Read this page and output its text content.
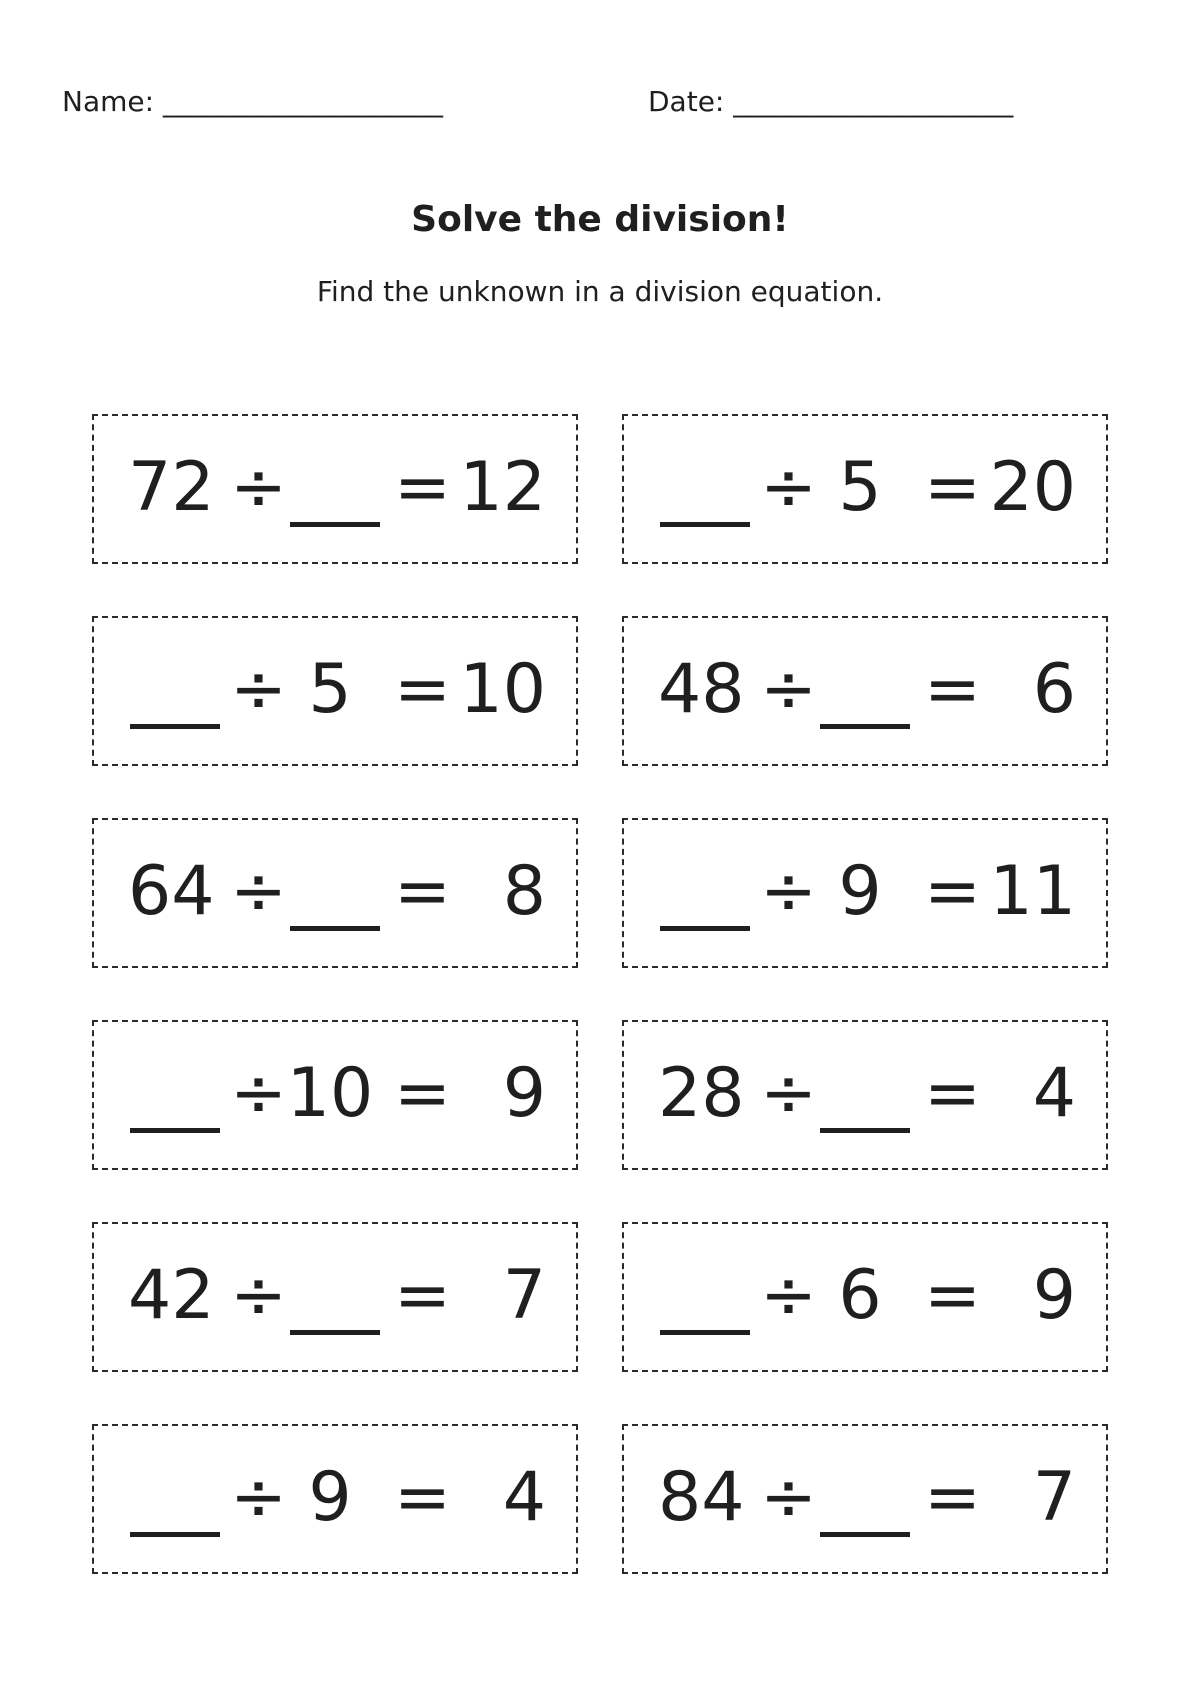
Name: ____________________	Date: ____________________
Solve the division!
Find the unknown in a division equation.
72 ÷ = 12	÷ 5 = 20
÷ 5 = 10 48 ÷ = 6
64 ÷ = 8	÷ 9 = 11
÷ 10 = 9 28 ÷ = 4
42 ÷ = 7	÷ 6 = 9
÷ 9 = 4 84 ÷ = 7
